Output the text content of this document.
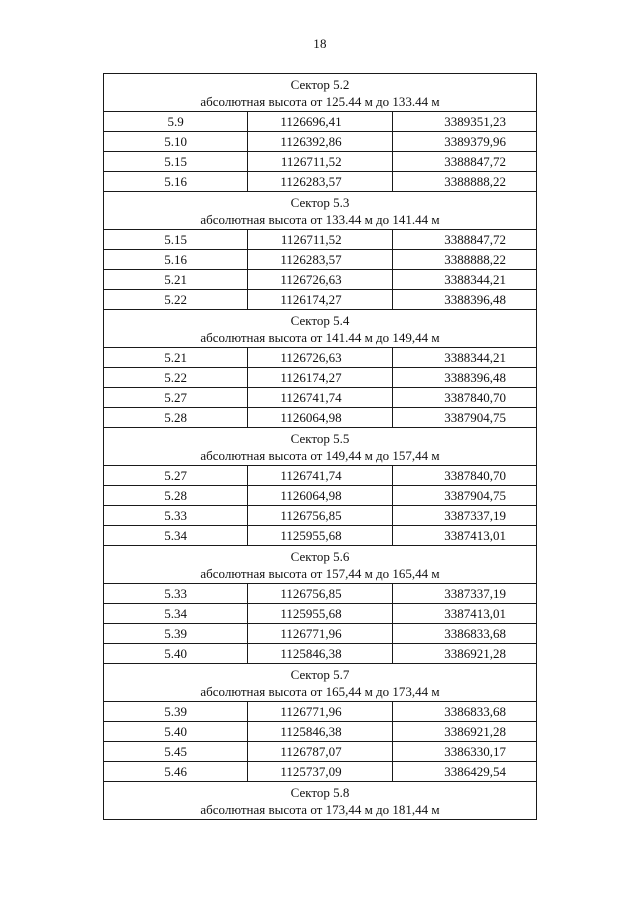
18
Сектор 5.2
абсолютная высота от 125.44 м до 133.44 м		

5.9	1126696,41	3389351,23
5.10	1126392,86	3389379,96
5.15	1126711,52	3388847,72
5.16	1126283,57	3388888,22

Сектор 5.3
абсолютная высота от 133.44 м до 141.44 м		

5.15	1126711,52	3388847,72
5.16	1126283,57	3388888,22
5.21	1126726,63	3388344,21
5.22	1126174,27	3388396,48

Сектор 5.4
абсолютная высота от 141.44 м до 149,44 м		

5.21	1126726,63	3388344,21
5.22	1126174,27	3388396,48
5.27	1126741,74	3387840,70
5.28	1126064,98	3387904,75

Сектор 5.5
абсолютная высота от 149,44 м до 157,44 м		

5.27	1126741,74	3387840,70
5.28	1126064,98	3387904,75
5.33	1126756,85	3387337,19
5.34	1125955,68	3387413,01

Сектор 5.6
абсолютная высота от 157,44 м до 165,44 м		

5.33	1126756,85	3387337,19
5.34	1125955,68	3387413,01
5.39	1126771,96	3386833,68
5.40	1125846,38	3386921,28

Сектор 5.7
абсолютная высота от 165,44 м до 173,44 м		

5.39	1126771,96	3386833,68
5.40	1125846,38	3386921,28
5.45	1126787,07	3386330,17
5.46	1125737,09	3386429,54

Сектор 5.8
абсолютная высота от 173,44 м до 181,44 м		
